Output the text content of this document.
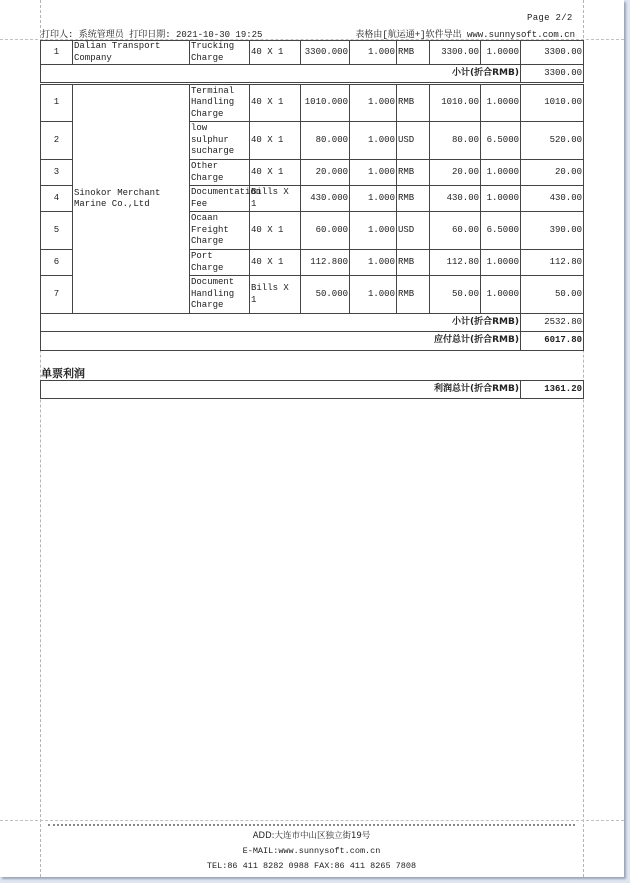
Page 2/2
打印人: 系统管理员 打印日期: 2021-10-30 19:25	表格由[航运通+]软件导出 www.sunnysoft.com.cn
1	Dalian Transport Company	Trucking Charge	40 X 1	3300.000	1.000	RMB	3300.00	1.0000	3300.00
小计(折合RMB)									3300.00
1	Sinokor Merchant Marine Co.,Ltd	Terminal Handling Charge	40 X 1	1010.000	1.000	RMB	1010.00	1.0000	1010.00
2		low sulphur sucharge	40 X 1	80.000	1.000	USD	80.00	6.5000	520.00
3		Other Charge	40 X 1	20.000	1.000	RMB	20.00	1.0000	20.00
4		Documentation Fee	Bills X 1	430.000	1.000	RMB	430.00	1.0000	430.00
5		Ocaan Freight Charge	40 X 1	60.000	1.000	USD	60.00	6.5000	390.00
6		Port Charge	40 X 1	112.800	1.000	RMB	112.80	1.0000	112.80
7		Document Handling Charge	Bills X 1	50.000	1.000	RMB	50.00	1.0000	50.00
小计(折合RMB)									2532.80
应付总计(折合RMB)									6017.80
单票利润
利润总计(折合RMB)	1361.20
ADD:大连市中山区独立街19号
E-MAIL:www.sunnysoft.com.cn
TEL:86 411 8282 0988 FAX:86 411 8265 7808
